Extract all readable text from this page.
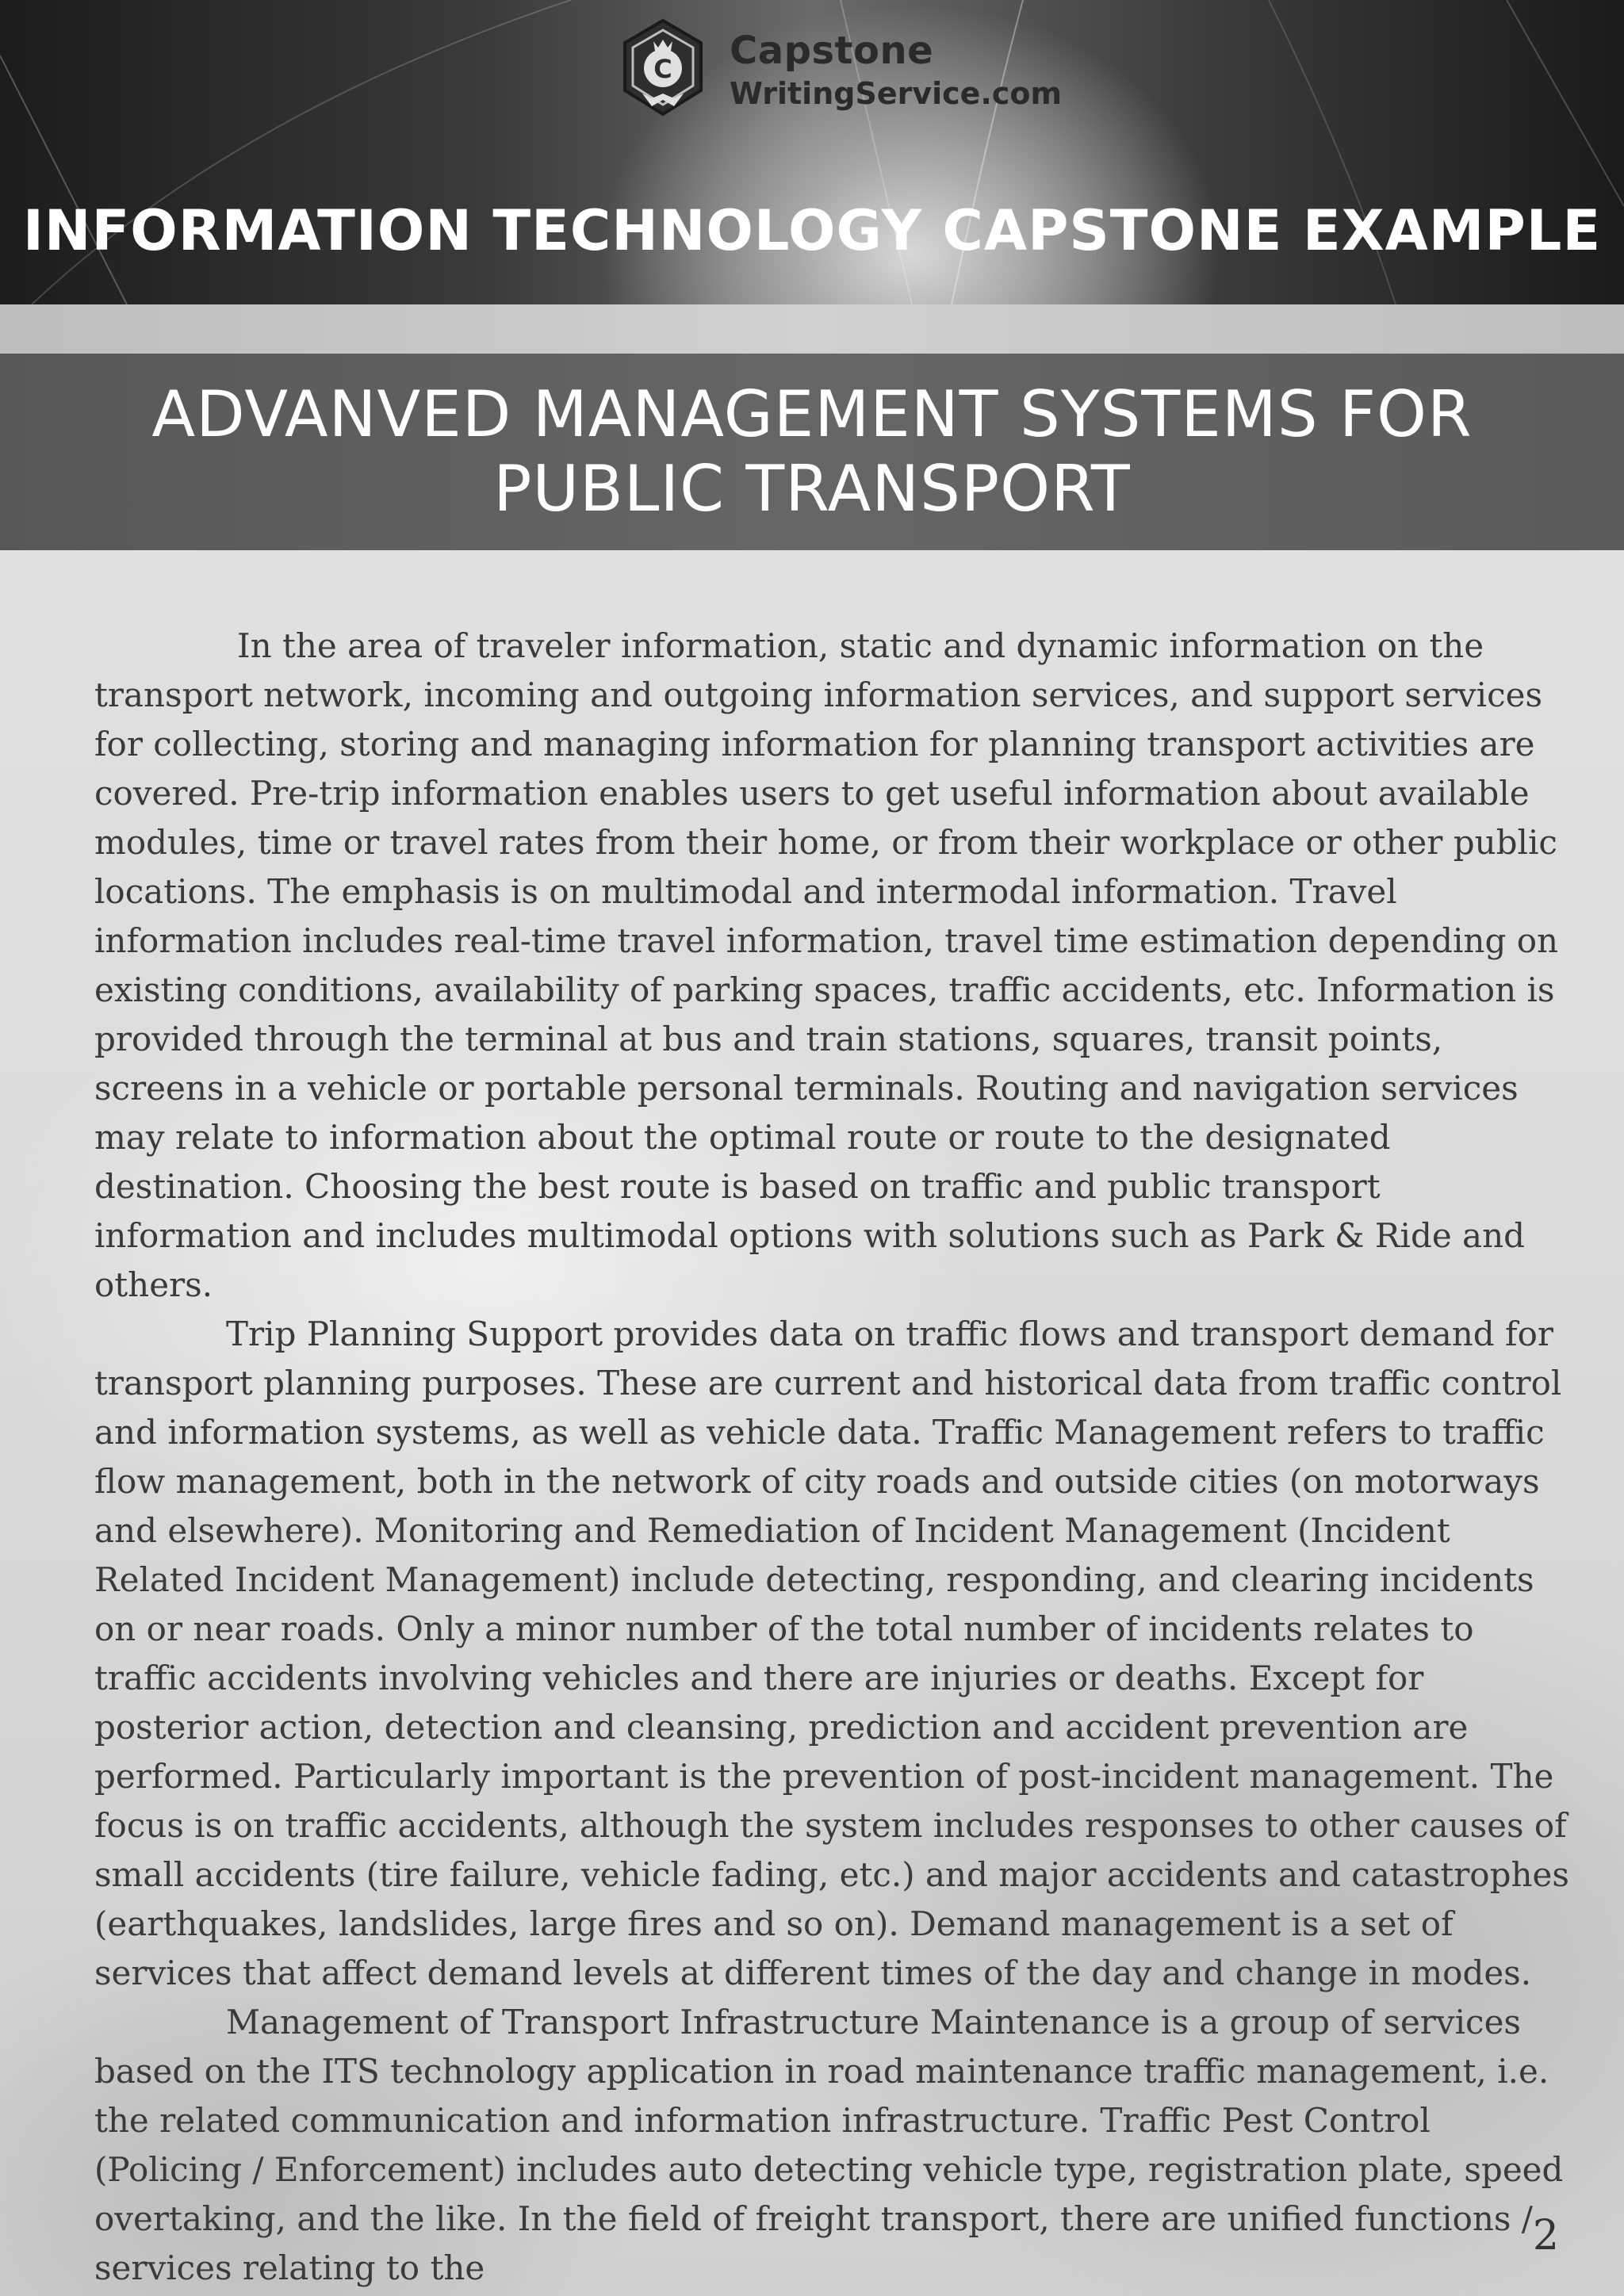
C Capstone
WritingService.com
INFORMATION TECHNOLOGY CAPSTONE EXAMPLE
ADVANVED MANAGEMENT SYSTEMS FOR
PUBLIC TRANSPORT

In the area of traveler information, static and dynamic information on the transport network, incoming and outgoing information services, and support services for collecting, storing and managing information for planning transport activities are covered. Pre-trip information enables users to get useful information about available modules, time or travel rates from their home, or from their workplace or other public locations. The emphasis is on multimodal and intermodal information. Travel information includes real-time travel information, travel time estimation depending on existing conditions, availability of parking spaces, traffic accidents, etc. Information is provided through the terminal at bus and train stations, squares, transit points, screens in a vehicle or portable personal terminals. Routing and navigation services may relate to information about the optimal route or route to the designated destination. Choosing the best route is based on traffic and public transport information and includes multimodal options with solutions such as Park & Ride and others.

Trip Planning Support provides data on traffic flows and transport demand for transport planning purposes. These are current and historical data from traffic control and information systems, as well as vehicle data. Traffic Management refers to traffic flow management, both in the network of city roads and outside cities (on motorways and elsewhere). Monitoring and Remediation of Incident Management (Incident Related Incident Management) include detecting, responding, and clearing incidents on or near roads. Only a minor number of the total number of incidents relates to traffic accidents involving vehicles and there are injuries or deaths. Except for posterior action, detection and cleansing, prediction and accident prevention are performed. Particularly important is the prevention of post-incident management. The focus is on traffic accidents, although the system includes responses to other causes of small accidents (tire failure, vehicle fading, etc.) and major accidents and catastrophes (earthquakes, landslides, large fires and so on). Demand management is a set of services that affect demand levels at different times of the day and change in modes.

Management of Transport Infrastructure Maintenance is a group of services based on the ITS technology application in road maintenance traffic management, i.e. the related communication and information infrastructure. Traffic Pest Control (Policing / Enforcement) includes auto detecting vehicle type, registration plate, speed overtaking, and the like. In the field of freight transport, there are unified functions / services relating to the

2
